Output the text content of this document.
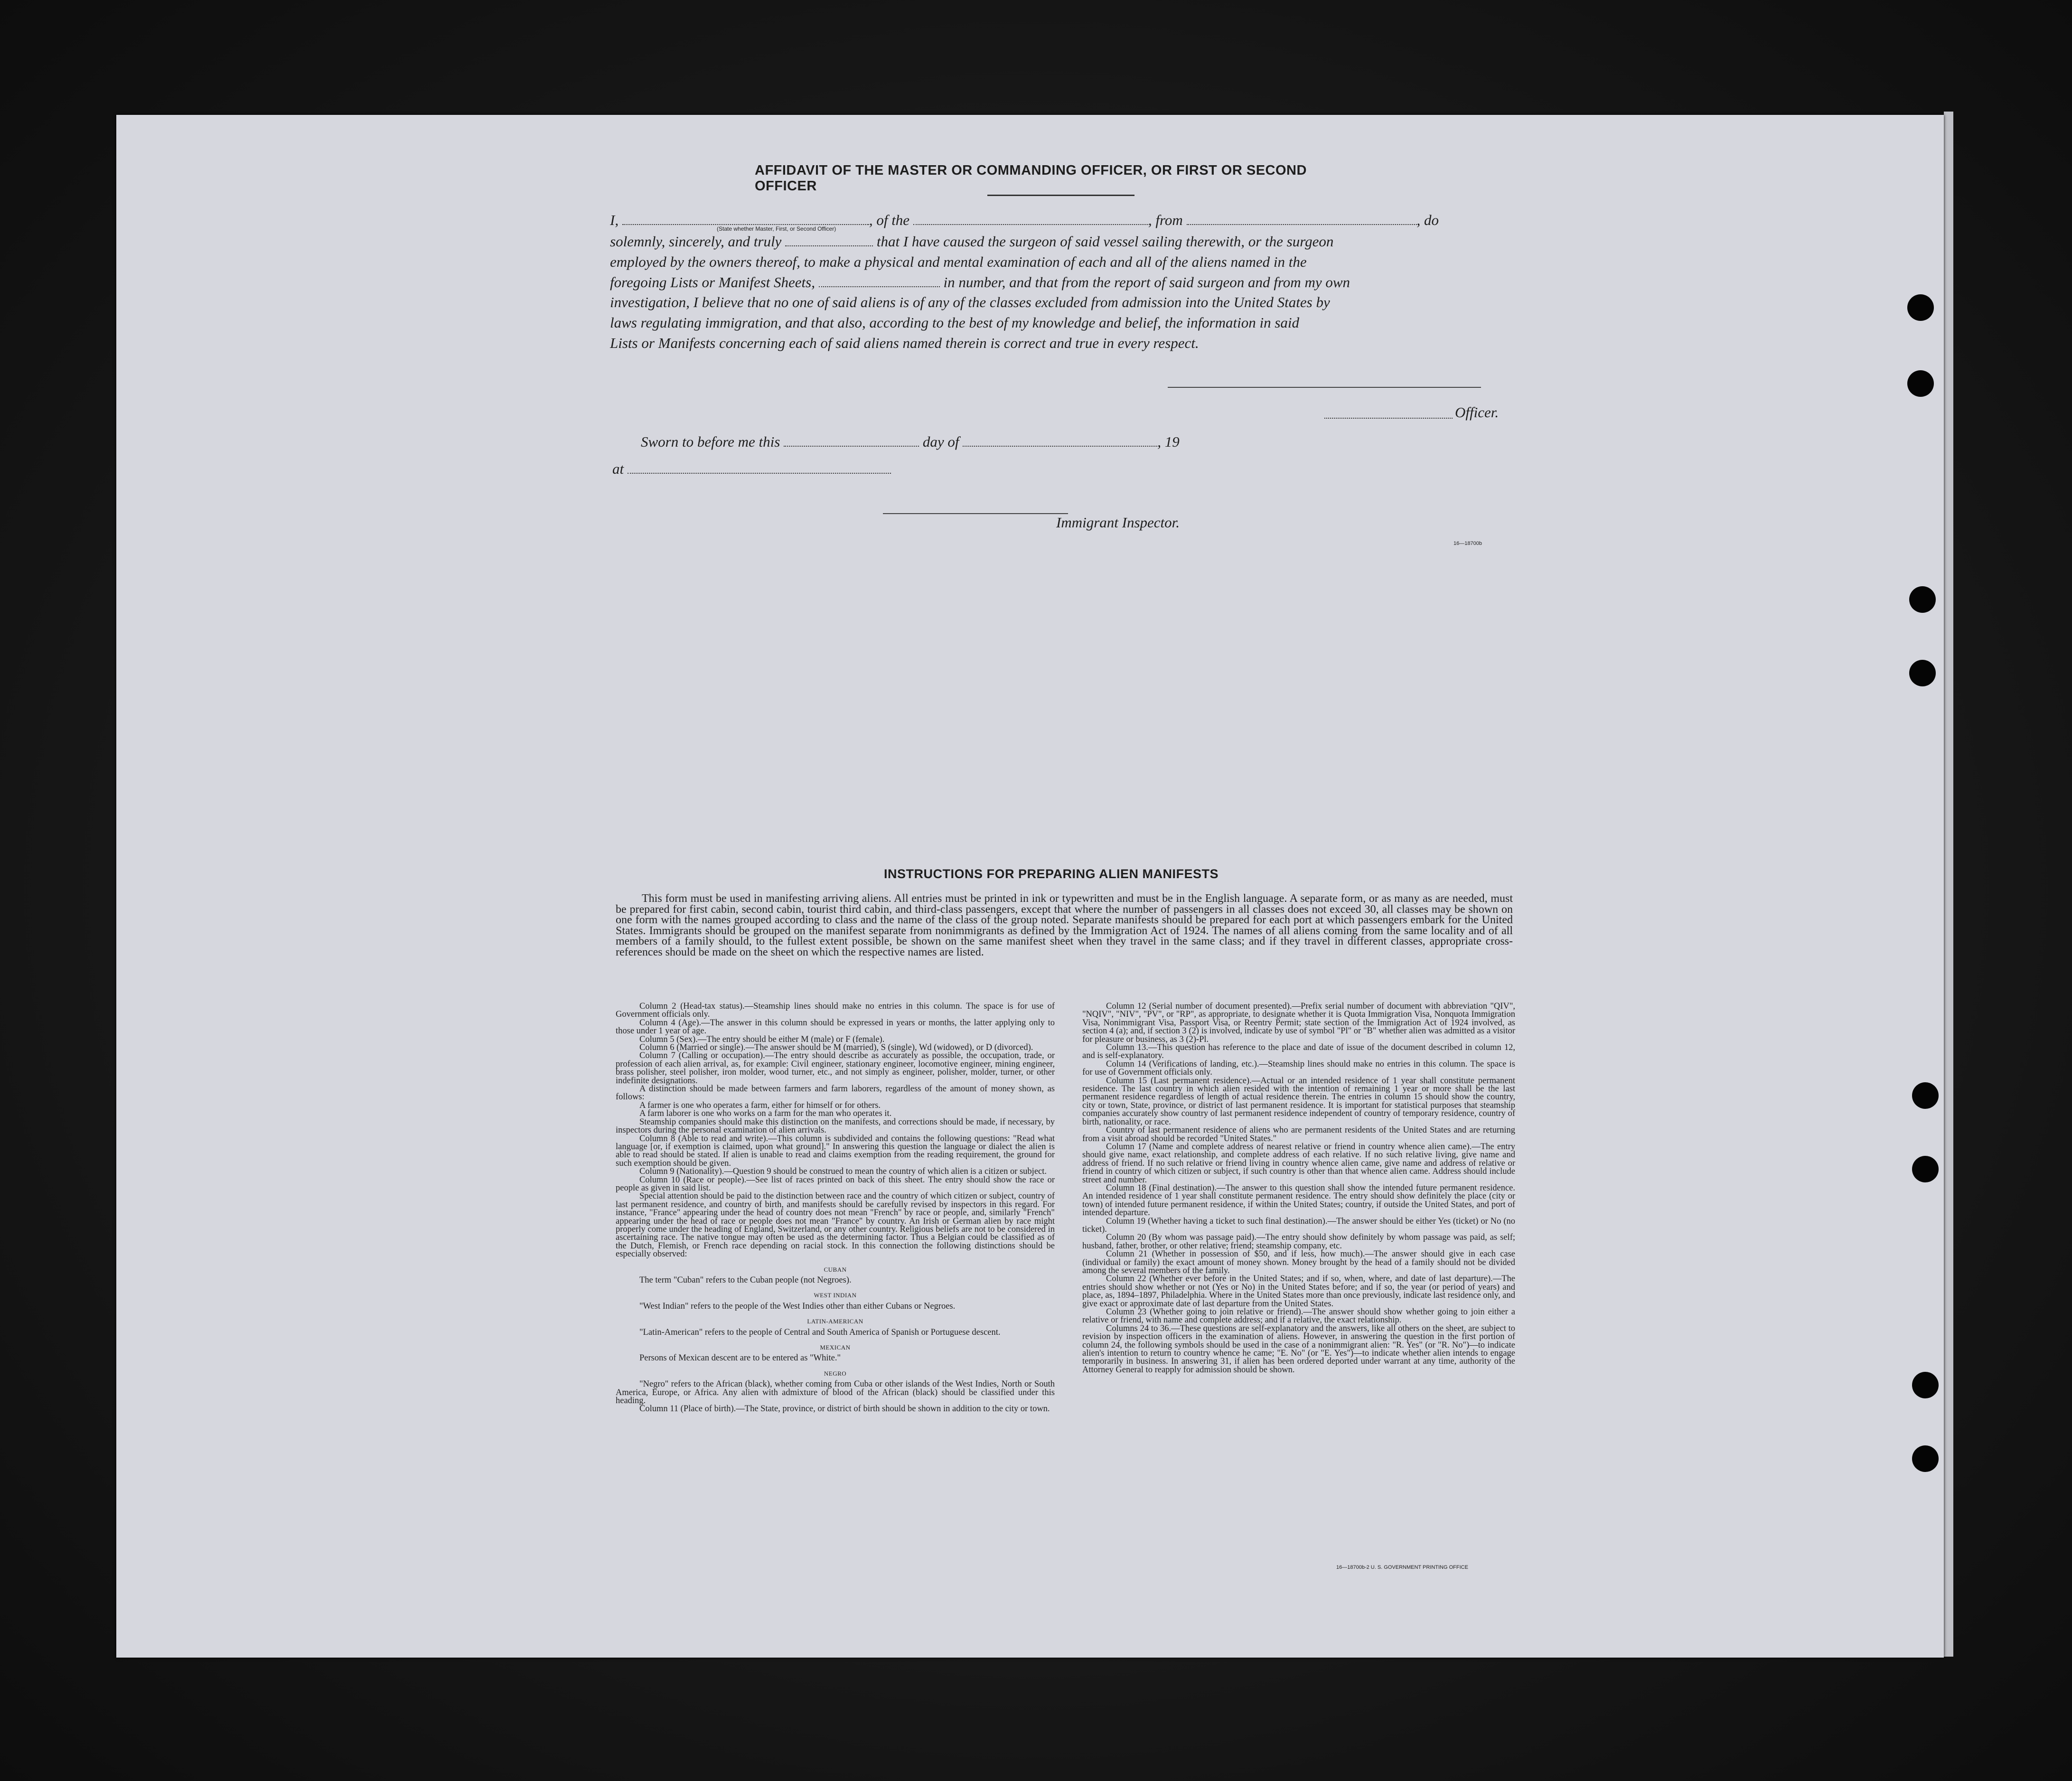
AFFIDAVIT OF THE MASTER OR COMMANDING OFFICER, OR FIRST OR SECOND OFFICER
I,	, of the	, from	, do
(State whether Master, First, or Second Officer)
solemnly, sincerely, and truly	that I have caused the surgeon of said vessel sailing therewith, or the surgeon
employed by the owners thereof, to make a physical and mental examination of each and all of the aliens named in the
foregoing Lists or Manifest Sheets,	in number, and that from the report of said surgeon and from my own
investigation, I believe that no one of said aliens is of any of the classes excluded from admission into the United States by
laws regulating immigration, and that also, according to the best of my knowledge and belief, the information in said
Lists or Manifests concerning each of said aliens named therein is correct and true in every respect.
Officer.
Sworn to before me this	day of	, 19
at
Immigrant Inspector.
16—18700b
INSTRUCTIONS FOR PREPARING ALIEN MANIFESTS

This form must be used in manifesting arriving aliens. All entries must be printed in ink or typewritten and must be in the English language. A separate form, or as many as are needed, must be prepared for first cabin, second cabin, tourist third cabin, and third-class passengers, except that where the number of passengers in all classes does not exceed 30, all classes may be shown on one form with the names grouped according to class and the name of the class of the group noted. Separate manifests should be prepared for each port at which passengers embark for the United States. Immigrants should be grouped on the manifest separate from nonimmigrants as defined by the Immigration Act of 1924. The names of all aliens coming from the same locality and of all members of a family should, to the fullest extent possible, be shown on the same manifest sheet when they travel in the same class; and if they travel in different classes, appropriate cross-references should be made on the sheet on which the respective names are listed.

Column 2 (Head-tax status).—Steamship lines should make no entries in this column. The space is for use of Government officials only.

Column 4 (Age).—The answer in this column should be expressed in years or months, the latter applying only to those under 1 year of age.

Column 5 (Sex).—The entry should be either M (male) or F (female).

Column 6 (Married or single).—The answer should be M (married), S (single), Wd (widowed), or D (divorced).

Column 7 (Calling or occupation).—The entry should describe as accurately as possible, the occupation, trade, or profession of each alien arrival, as, for example: Civil engineer, stationary engineer, locomotive engineer, mining engineer, brass polisher, steel polisher, iron molder, wood turner, etc., and not simply as engineer, polisher, molder, turner, or other indefinite designations.

A distinction should be made between farmers and farm laborers, regardless of the amount of money shown, as follows:

A farmer is one who operates a farm, either for himself or for others.

A farm laborer is one who works on a farm for the man who operates it.

Steamship companies should make this distinction on the manifests, and corrections should be made, if necessary, by inspectors during the personal examination of alien arrivals.

Column 8 (Able to read and write).—This column is subdivided and contains the following questions: "Read what language [or, if exemption is claimed, upon what ground]." In answering this question the language or dialect the alien is able to read should be stated. If alien is unable to read and claims exemption from the reading requirement, the ground for such exemption should be given.

Column 9 (Nationality).—Question 9 should be construed to mean the country of which alien is a citizen or subject.

Column 10 (Race or people).—See list of races printed on back of this sheet. The entry should show the race or people as given in said list.

Special attention should be paid to the distinction between race and the country of which citizen or subject, country of last permanent residence, and country of birth, and manifests should be carefully revised by inspectors in this regard. For instance, "France" appearing under the head of country does not mean "French" by race or people, and, similarly "French" appearing under the head of race or people does not mean "France" by country. An Irish or German alien by race might properly come under the heading of England, Switzerland, or any other country. Religious beliefs are not to be considered in ascertaining race. The native tongue may often be used as the determining factor. Thus a Belgian could be classified as of the Dutch, Flemish, or French race depending on racial stock. In this connection the following distinctions should be especially observed:

CUBAN

The term "Cuban" refers to the Cuban people (not Negroes).

WEST INDIAN

"West Indian" refers to the people of the West Indies other than either Cubans or Negroes.

LATIN-AMERICAN

"Latin-American" refers to the people of Central and South America of Spanish or Portuguese descent.

MEXICAN

Persons of Mexican descent are to be entered as "White."

NEGRO

"Negro" refers to the African (black), whether coming from Cuba or other islands of the West Indies, North or South America, Europe, or Africa. Any alien with admixture of blood of the African (black) should be classified under this heading.

Column 11 (Place of birth).—The State, province, or district of birth should be shown in addition to the city or town.

Column 12 (Serial number of document presented).—Prefix serial number of document with abbreviation "QIV", "NQIV", "NIV", "PV", or "RP", as appropriate, to designate whether it is Quota Immigration Visa, Nonquota Immigration Visa, Nonimmigrant Visa, Passport Visa, or Reentry Permit; state section of the Immigration Act of 1924 involved, as section 4 (a); and, if section 3 (2) is involved, indicate by use of symbol "Pl" or "B" whether alien was admitted as a visitor for pleasure or business, as 3 (2)-Pl.

Column 13.—This question has reference to the place and date of issue of the document described in column 12, and is self-explanatory.

Column 14 (Verifications of landing, etc.).—Steamship lines should make no entries in this column. The space is for use of Government officials only.

Column 15 (Last permanent residence).—Actual or an intended residence of 1 year shall constitute permanent residence. The last country in which alien resided with the intention of remaining 1 year or more shall be the last permanent residence regardless of length of actual residence therein. The entries in column 15 should show the country, city or town, State, province, or district of last permanent residence. It is important for statistical purposes that steamship companies accurately show country of last permanent residence independent of country of temporary residence, country of birth, nationality, or race.

Country of last permanent residence of aliens who are permanent residents of the United States and are returning from a visit abroad should be recorded "United States."

Column 17 (Name and complete address of nearest relative or friend in country whence alien came).—The entry should give name, exact relationship, and complete address of each relative. If no such relative living, give name and address of friend. If no such relative or friend living in country whence alien came, give name and address of relative or friend in country of which citizen or subject, if such country is other than that whence alien came. Address should include street and number.

Column 18 (Final destination).—The answer to this question shall show the intended future permanent residence. An intended residence of 1 year shall constitute permanent residence. The entry should show definitely the place (city or town) of intended future permanent residence, if within the United States; country, if outside the United States, and port of intended departure.

Column 19 (Whether having a ticket to such final destination).—The answer should be either Yes (ticket) or No (no ticket).

Column 20 (By whom was passage paid).—The entry should show definitely by whom passage was paid, as self; husband, father, brother, or other relative; friend; steamship company, etc.

Column 21 (Whether in possession of $50, and if less, how much).—The answer should give in each case (individual or family) the exact amount of money shown. Money brought by the head of a family should not be divided among the several members of the family.

Column 22 (Whether ever before in the United States; and if so, when, where, and date of last departure).—The entries should show whether or not (Yes or No) in the United States before; and if so, the year (or period of years) and place, as, 1894–1897, Philadelphia. Where in the United States more than once previously, indicate last residence only, and give exact or approximate date of last departure from the United States.

Column 23 (Whether going to join relative or friend).—The answer should show whether going to join either a relative or friend, with name and complete address; and if a relative, the exact relationship.

Columns 24 to 36.—These questions are self-explanatory and the answers, like all others on the sheet, are subject to revision by inspection officers in the examination of aliens. However, in answering the question in the first portion of column 24, the following symbols should be used in the case of a nonimmigrant alien: "R. Yes" (or "R. No")—to indicate alien's intention to return to country whence he came; "E. No" (or "E. Yes")—to indicate whether alien intends to engage temporarily in business. In answering 31, if alien has been ordered deported under warrant at any time, authority of the Attorney General to reapply for admission should be shown.

16—18700b-2 U. S. GOVERNMENT PRINTING OFFICE
